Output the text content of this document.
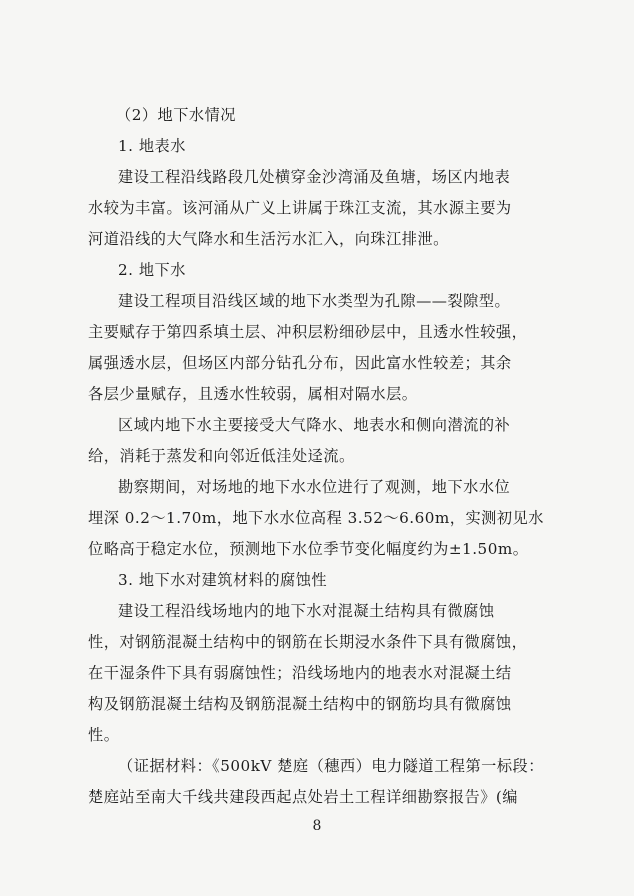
（2）地下水情况
1. 地表水
建设工程沿线路段几处横穿金沙湾涌及鱼塘，场区内地表
水较为丰富。该河涌从广义上讲属于珠江支流，其水源主要为
河道沿线的大气降水和生活污水汇入，向珠江排泄。
2. 地下水
建设工程项目沿线区域的地下水类型为孔隙——裂隙型。
主要赋存于第四系填土层、冲积层粉细砂层中，且透水性较强，
属强透水层，但场区内部分钻孔分布，因此富水性较差；其余
各层少量赋存，且透水性较弱，属相对隔水层。
区域内地下水主要接受大气降水、地表水和侧向潜流的补
给，消耗于蒸发和向邻近低洼处迳流。
勘察期间，对场地的地下水水位进行了观测，地下水水位
埋深 0.2～1.70m，地下水水位高程 3.52～6.60m，实测初见水
位略高于稳定水位，预测地下水位季节变化幅度约为±1.50m。
3. 地下水对建筑材料的腐蚀性
建设工程沿线场地内的地下水对混凝土结构具有微腐蚀
性，对钢筋混凝土结构中的钢筋在长期浸水条件下具有微腐蚀，
在干湿条件下具有弱腐蚀性；沿线场地内的地表水对混凝土结
构及钢筋混凝土结构及钢筋混凝土结构中的钢筋均具有微腐蚀
性。
（证据材料：《500kV 楚庭（穗西）电力隧道工程第一标段：
楚庭站至南大千线共建段西起点处岩土工程详细勘察报告》(编
8
